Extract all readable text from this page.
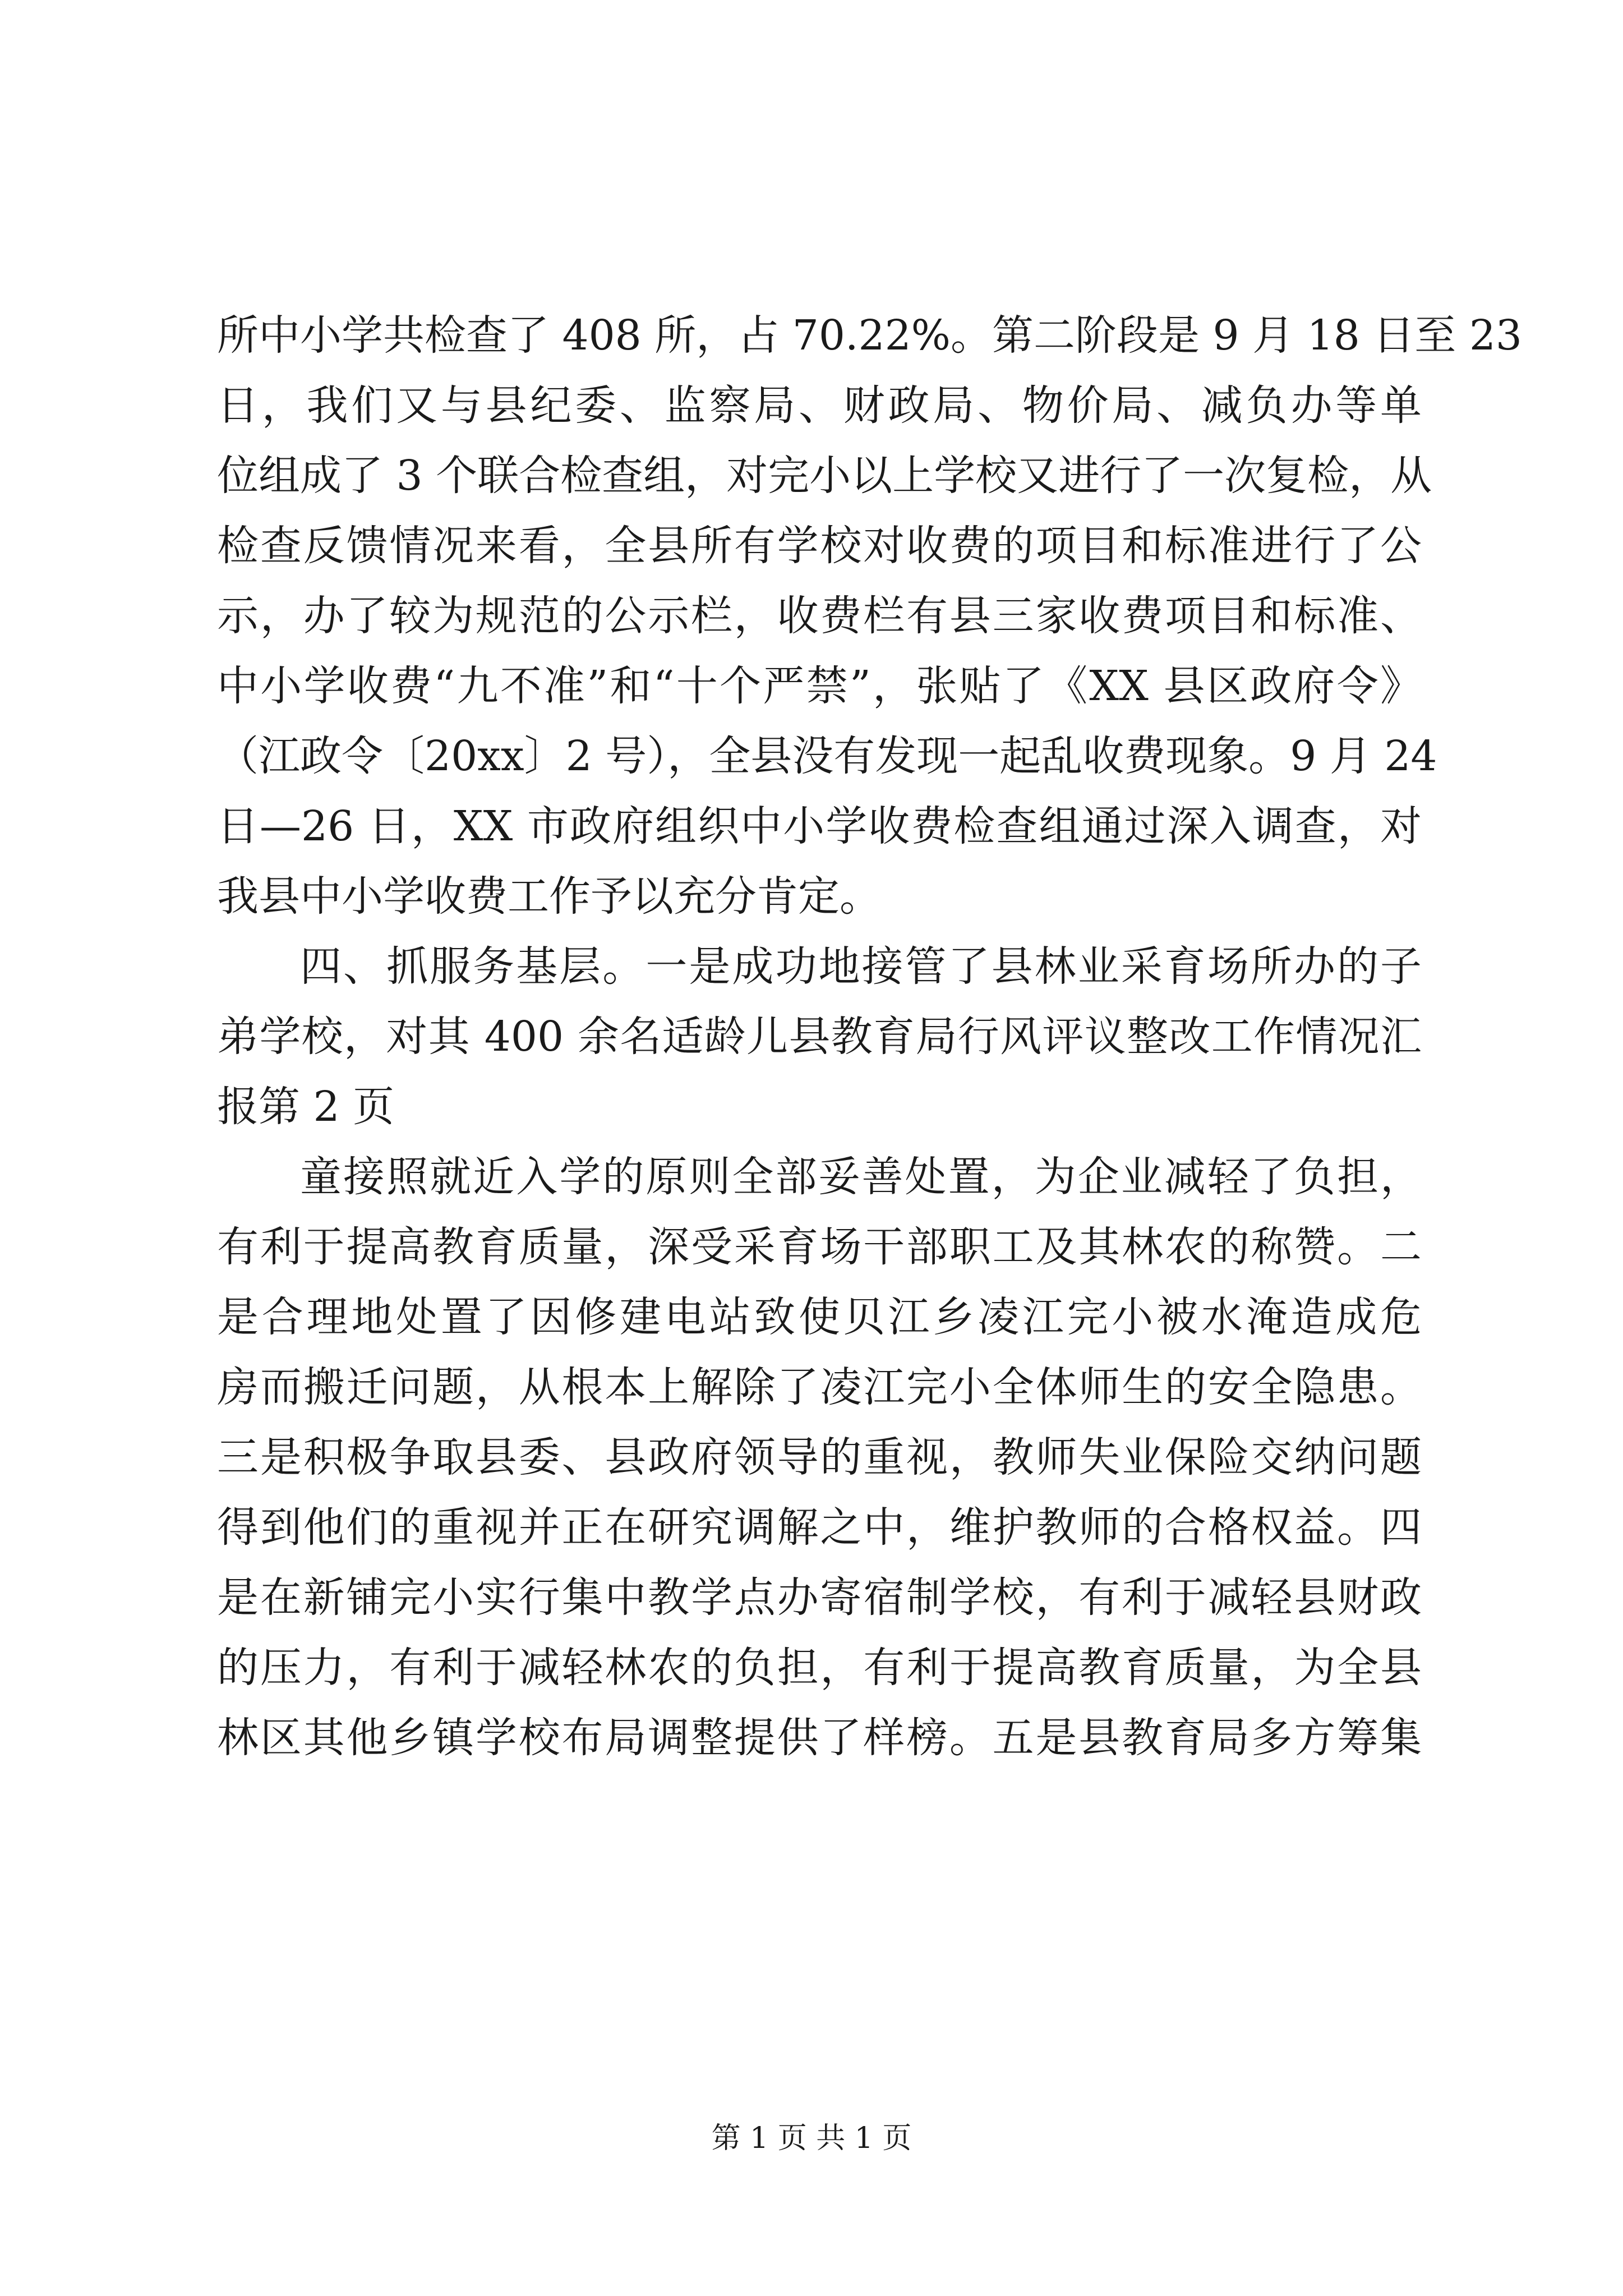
所中小学共检查了 408 所，占 70.22%。第二阶段是 9 月 18 日至 23
日，我们又与县纪委、监察局、财政局、物价局、减负办等单
位组成了 3 个联合检查组，对完小以上学校又进行了一次复检，从
检查反馈情况来看，全县所有学校对收费的项目和标准进行了公
示，办了较为规范的公示栏，收费栏有县三家收费项目和标准、
中小学收费“九不准”和“十个严禁”，张贴了《XX 县区政府令》
（江政令〔20xx〕2 号），全县没有发现一起乱收费现象。9 月 24
日—26 日，XX 市政府组织中小学收费检查组通过深入调查，对
我县中小学收费工作予以充分肯定。
四、抓服务基层。一是成功地接管了县林业采育场所办的子
弟学校，对其 400 余名适龄儿县教育局行风评议整改工作情况汇
报第 2 页
童接照就近入学的原则全部妥善处置，为企业减轻了负担，
有利于提高教育质量，深受采育场干部职工及其林农的称赞。二
是合理地处置了因修建电站致使贝江乡凌江完小被水淹造成危
房而搬迁问题，从根本上解除了凌江完小全体师生的安全隐患。
三是积极争取县委、县政府领导的重视，教师失业保险交纳问题
得到他们的重视并正在研究调解之中，维护教师的合格权益。四
是在新铺完小实行集中教学点办寄宿制学校，有利于减轻县财政
的压力，有利于减轻林农的负担，有利于提高教育质量，为全县
林区其他乡镇学校布局调整提供了样榜。五是县教育局多方筹集
第 1 页 共 1 页
